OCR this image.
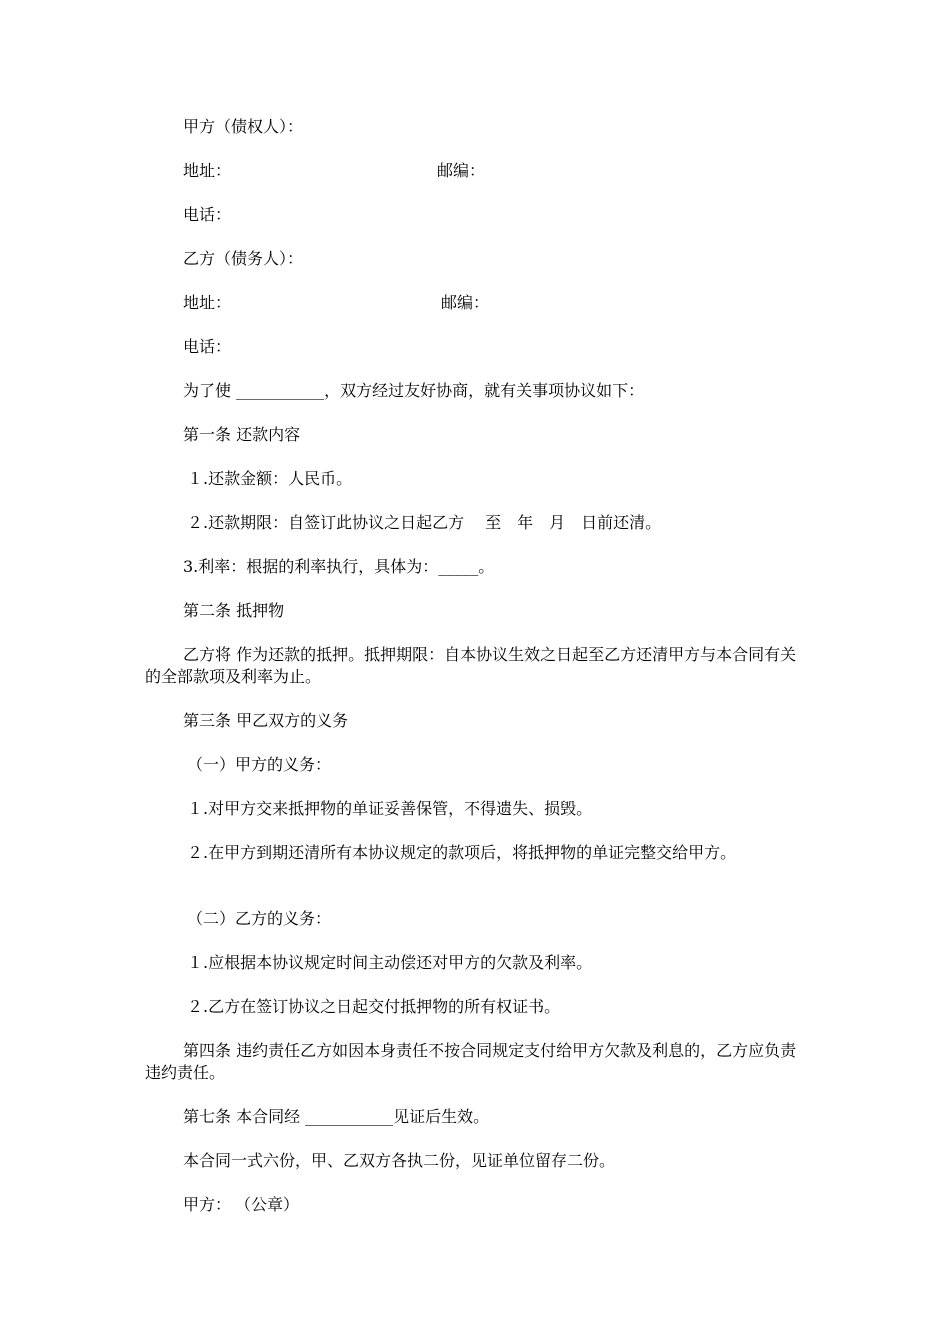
甲方（债权人）：
地址：	邮编：
电话：
乙方（债务人）：
地址：	邮编：
电话：
为了使 ___________，双方经过友好协商，就有关事项协议如下：
第一条 还款内容
１.还款金额：人民币。
２.还款期限：自签订此协议之日起乙方　 至　年　月　日前还清。
3.利率：根据的利率执行，具体为：_____。
第二条 抵押物
乙方将 作为还款的抵押。抵押期限：自本协议生效之日起至乙方还清甲方与本合同有关的全部款项及利率为止。
第三条 甲乙双方的义务
（一）甲方的义务：
１.对甲方交来抵押物的单证妥善保管，不得遗失、损毁。
２.在甲方到期还清所有本协议规定的款项后，将抵押物的单证完整交给甲方。
（二）乙方的义务：
１.应根据本协议规定时间主动偿还对甲方的欠款及利率。
２.乙方在签订协议之日起交付抵押物的所有权证书。
第四条 违约责任乙方如因本身责任不按合同规定支付给甲方欠款及利息的，乙方应负责违约责任。
第七条 本合同经 ___________见证后生效。
本合同一式六份，甲、乙双方各执二份，见证单位留存二份。
甲方： （公章）
